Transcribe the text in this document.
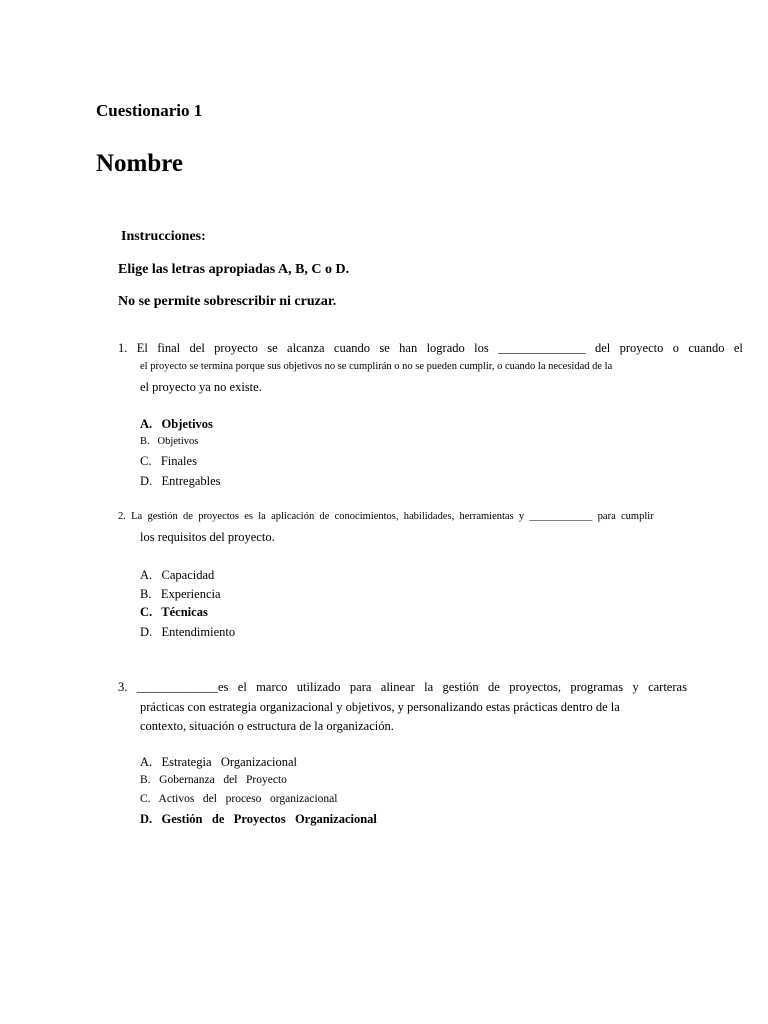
Cuestionario 1
Nombre
Instrucciones:
Elige las letras apropiadas A, B, C o D.
No se permite sobrescribir ni cruzar.
1.   El   final   del   proyecto   se   alcanza   cuando   se   han   logrado   los   ______________   del   proyecto   o   cuando   el
el proyecto se termina porque sus objetivos no se cumplirán o no se pueden cumplir, o cuando la necesidad de la
el proyecto ya no existe.
A.   Objetivos
B.   Objetivos
C.   Finales
D.   Entregables
2.  La  gestión  de  proyectos  es  la  aplicación  de  conocimientos,  habilidades,  herramientas  y  ____________  para  cumplir
los requisitos del proyecto.
A.   Capacidad
B.   Experiencia
C.   Técnicas
D.   Entendimiento
3.   _____________es   el   marco   utilizado   para   alinear   la   gestión   de   proyectos,   programas   y   carteras
prácticas con estrategia organizacional y objetivos, y personalizando estas prácticas dentro de la
contexto, situación o estructura de la organización.
A.   Estrategia   Organizacional
B.   Gobernanza   del   Proyecto
C.   Activos   del   proceso   organizacional
D.   Gestión   de   Proyectos   Organizacional
